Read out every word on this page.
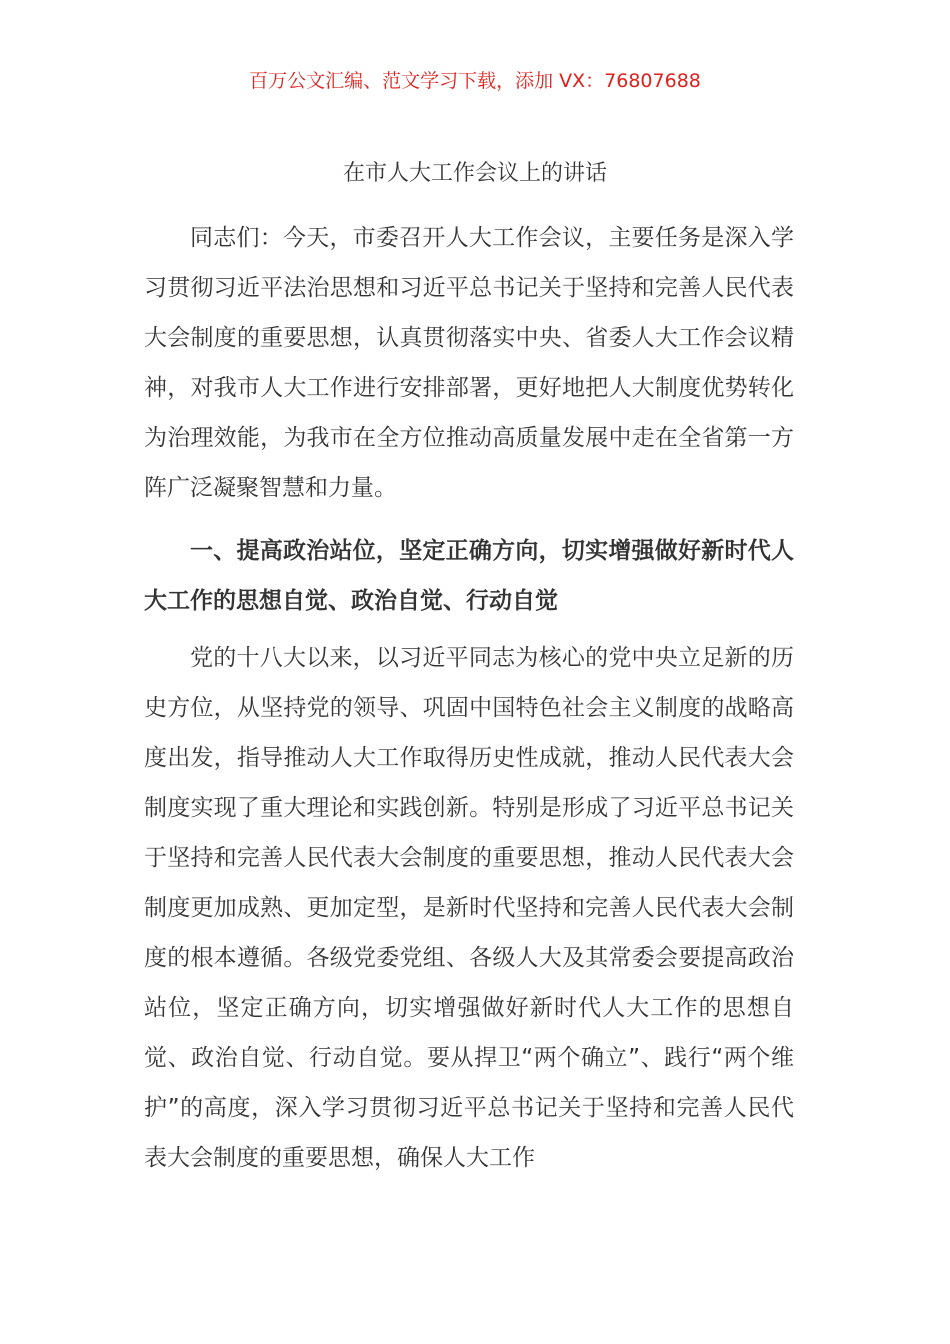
百万公文汇编、范文学习下载，添加 VX：76807688
在市人大工作会议上的讲话

同志们：今天，市委召开人大工作会议，主要任务是深入学习贯彻习近平法治思想和习近平总书记关于坚持和完善人民代表大会制度的重要思想，认真贯彻落实中央、省委人大工作会议精神，对我市人大工作进行安排部署，更好地把人大制度优势转化为治理效能，为我市在全方位推动高质量发展中走在全省第一方阵广泛凝聚智慧和力量。

一、提高政治站位，坚定正确方向，切实增强做好新时代人大工作的思想自觉、政治自觉、行动自觉

党的十八大以来，以习近平同志为核心的党中央立足新的历史方位，从坚持党的领导、巩固中国特色社会主义制度的战略高度出发，指导推动人大工作取得历史性成就，推动人民代表大会制度实现了重大理论和实践创新。特别是形成了习近平总书记关于坚持和完善人民代表大会制度的重要思想，推动人民代表大会制度更加成熟、更加定型，是新时代坚持和完善人民代表大会制度的根本遵循。各级党委党组、各级人大及其常委会要提高政治站位，坚定正确方向，切实增强做好新时代人大工作的思想自觉、政治自觉、行动自觉。要从捍卫“两个确立”、践行“两个维护”的高度，深入学习贯彻习近平总书记关于坚持和完善人民代表大会制度的重要思想，确保人大工作
